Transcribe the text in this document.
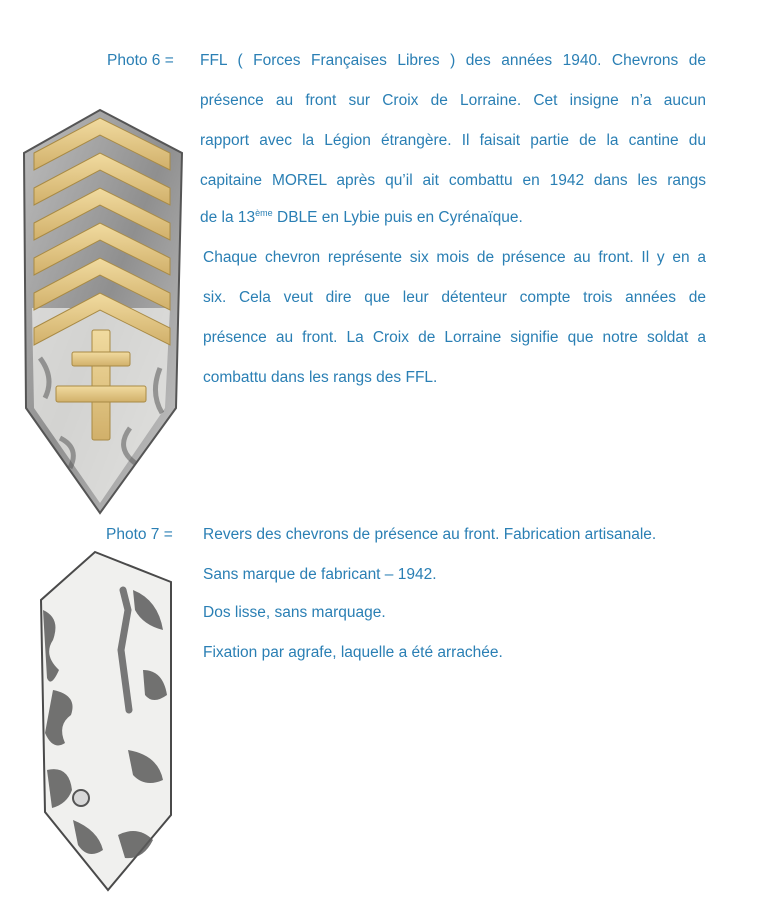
Photo 6 = FFL ( Forces Françaises Libres ) des années 1940. Chevrons de
présence au front sur Croix de Lorraine. Cet insigne n’a aucun
rapport avec la Légion étrangère. Il faisait partie de la cantine du
capitaine MOREL après qu’il ait combattu en 1942 dans les rangs
de la 13ème DBLE en Lybie puis en Cyrénaïque.
Chaque chevron représente six mois de présence au front. Il y en a
six. Cela veut dire que leur détenteur compte trois années de
présence au front. La Croix de Lorraine signifie que notre soldat a
combattu dans les rangs des FFL.
Photo 7 = Revers des chevrons de présence au front. Fabrication artisanale.
Sans marque de fabricant – 1942.
Dos lisse, sans marquage.
Fixation par agrafe, laquelle a été arrachée.
